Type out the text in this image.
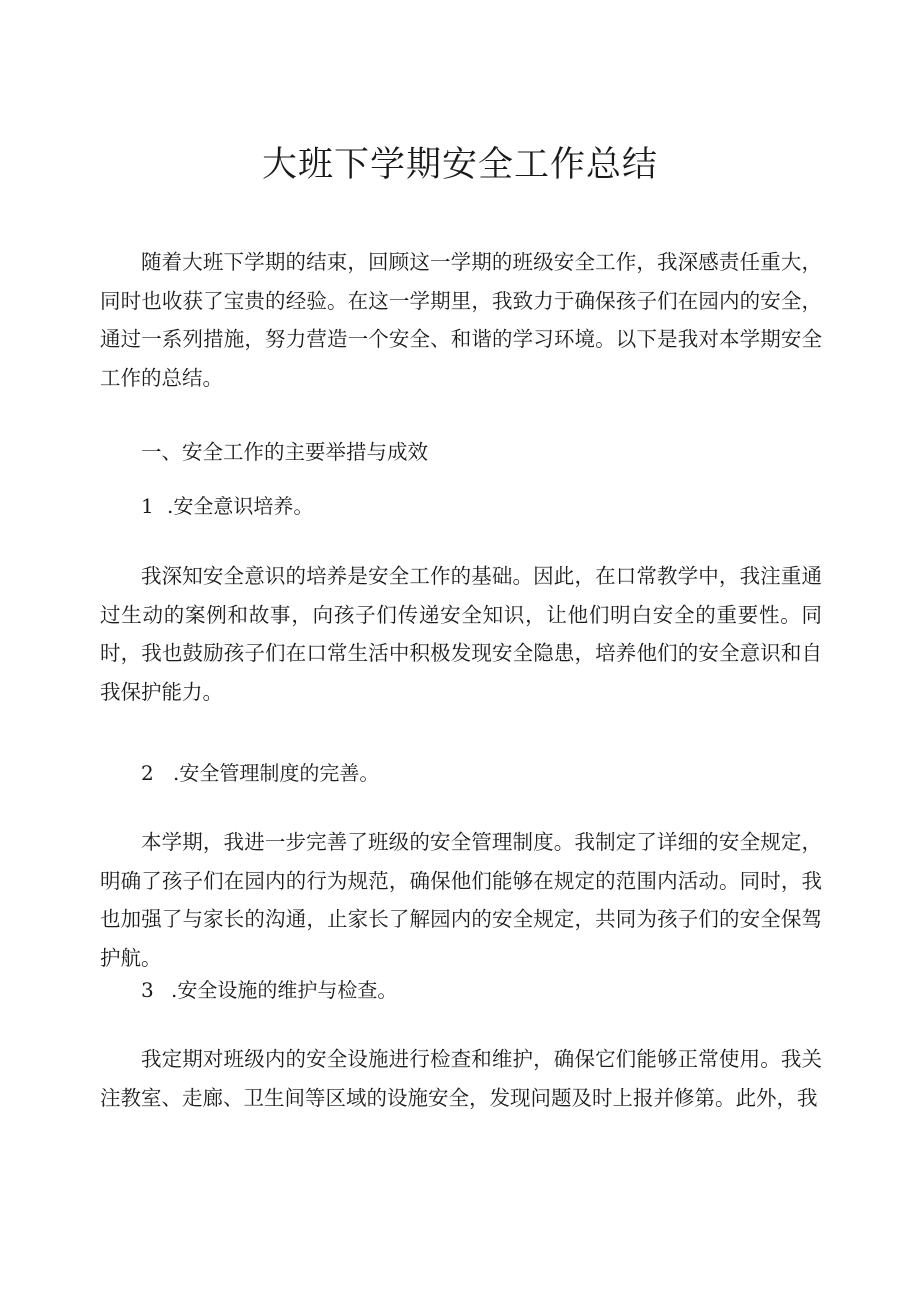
大班下学期安全工作总结

随着大班下学期的结束，回顾这一学期的班级安全工作，我深感责任重大，同时也收获了宝贵的经验。在这一学期里，我致力于确保孩子们在园内的安全，通过一系列措施，努力营造一个安全、和谐的学习环境。以下是我对本学期安全工作的总结。

一、安全工作的主要举措与成效
1 .安全意识培养。

我深知安全意识的培养是安全工作的基础。因此，在口常教学中，我注重通过生动的案例和故事，向孩子们传递安全知识，让他们明白安全的重要性。同时，我也鼓励孩子们在口常生活中积极发现安全隐患，培养他们的安全意识和自我保护能力。

2 .安全管理制度的完善。

本学期，我进一步完善了班级的安全管理制度。我制定了详细的安全规定，明确了孩子们在园内的行为规范，确保他们能够在规定的范围内活动。同时，我也加强了与家长的沟通，止家长了解园内的安全规定，共同为孩子们的安全保驾护航。

3 .安全设施的维护与检查。

我定期对班级内的安全设施进行检查和维护，确保它们能够正常使用。我关注教室、走廊、卫生间等区域的设施安全，发现问题及时上报并修第。此外，我
